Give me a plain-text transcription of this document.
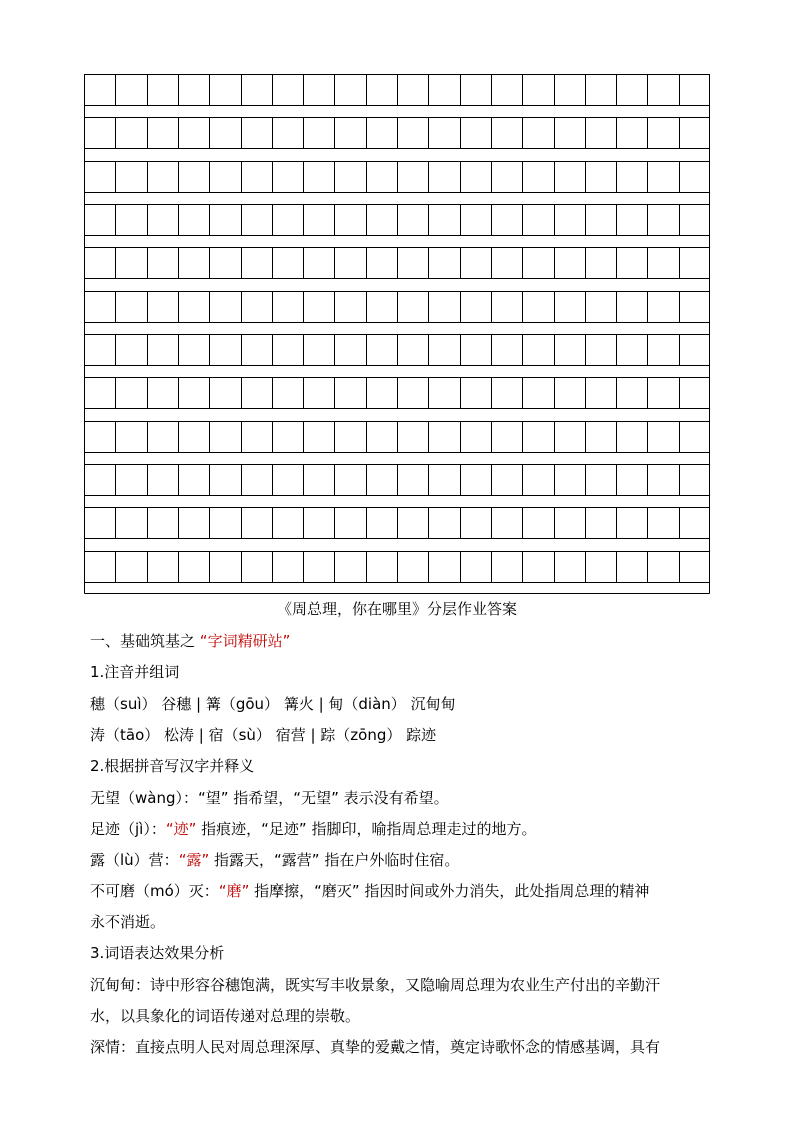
《周总理，你在哪里》分层作业答案
一、基础筑基之 “字词精研站”
1.注音并组词
穗（suì） 谷穗 | 篝（gōu） 篝火 | 甸（diàn） 沉甸甸
涛（tāo） 松涛 | 宿（sù） 宿营 | 踪（zōng） 踪迹
2.根据拼音写汉字并释义
无望（wàng）：“望” 指希望，“无望” 表示没有希望。
足迹（jì）：“迹” 指痕迹，“足迹” 指脚印，喻指周总理走过的地方。
露（lù）营：“露” 指露天，“露营” 指在户外临时住宿。
不可磨（mó）灭：“磨” 指摩擦，“磨灭” 指因时间或外力消失，此处指周总理的精神
永不消逝。
3.词语表达效果分析
沉甸甸：诗中形容谷穗饱满，既实写丰收景象，又隐喻周总理为农业生产付出的辛勤汗
水，以具象化的词语传递对总理的崇敬。
深情：直接点明人民对周总理深厚、真挚的爱戴之情，奠定诗歌怀念的情感基调，具有
